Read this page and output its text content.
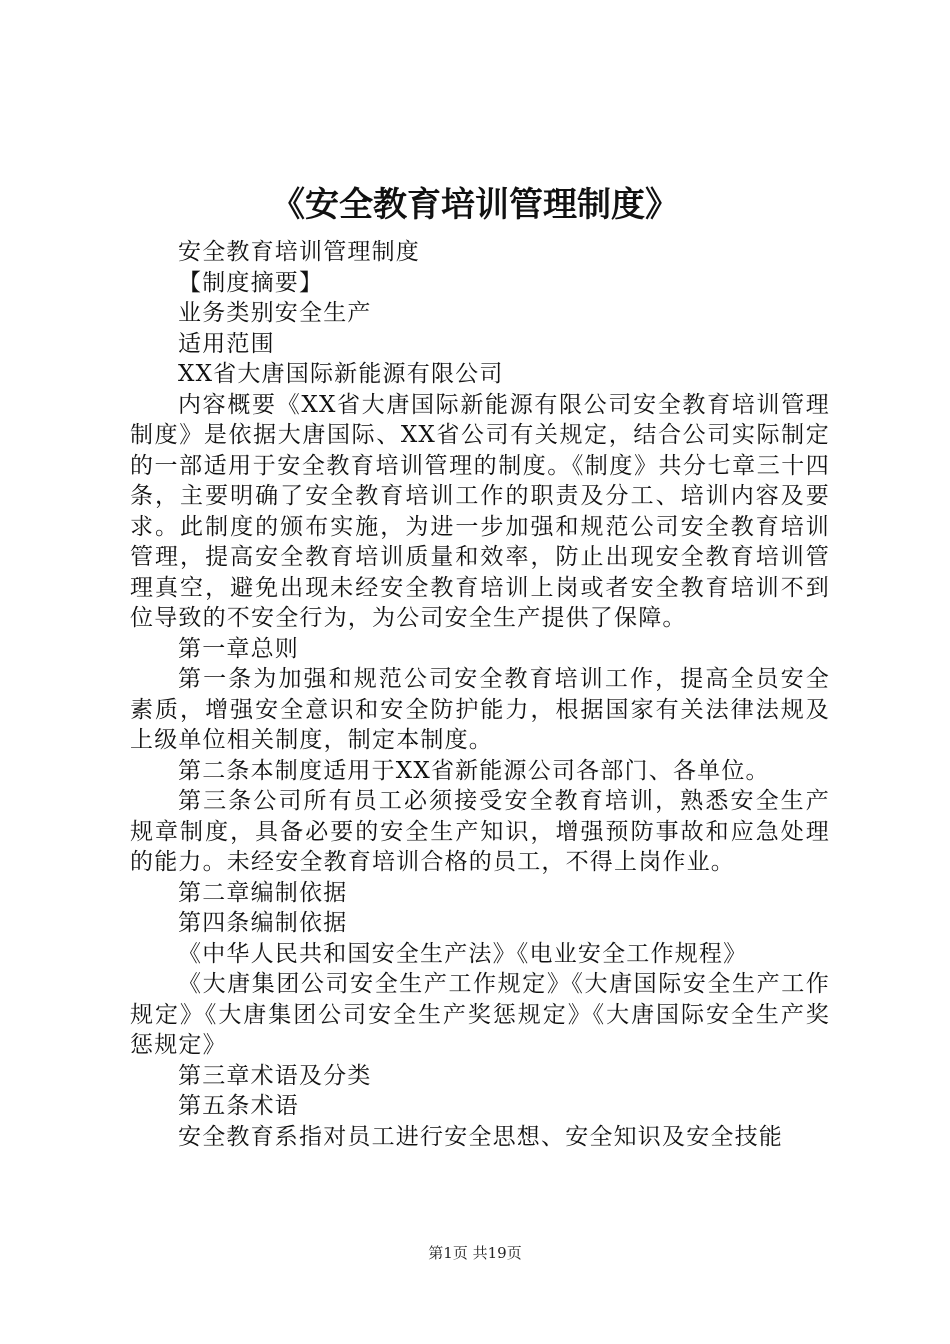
《安全教育培训管理制度》

安全教育培训管理制度

【制度摘要】

业务类别安全生产

适用范围

XX省大唐国际新能源有限公司

内容概要《XX省大唐国际新能源有限公司安全教育培训管理制度》是依据大唐国际、XX省公司有关规定，结合公司实际制定的一部适用于安全教育培训管理的制度。《制度》共分七章三十四条，主要明确了安全教育培训工作的职责及分工、培训内容及要求。此制度的颁布实施，为进一步加强和规范公司安全教育培训管理，提高安全教育培训质量和效率，防止出现安全教育培训管理真空，避免出现未经安全教育培训上岗或者安全教育培训不到位导致的不安全行为，为公司安全生产提供了保障。

第一章总则

第一条为加强和规范公司安全教育培训工作，提高全员安全素质，增强安全意识和安全防护能力，根据国家有关法律法规及上级单位相关制度，制定本制度。

第二条本制度适用于XX省新能源公司各部门、各单位。

第三条公司所有员工必须接受安全教育培训，熟悉安全生产规章制度，具备必要的安全生产知识，增强预防事故和应急处理的能力。未经安全教育培训合格的员工，不得上岗作业。

第二章编制依据

第四条编制依据

《中华人民共和国安全生产法》《电业安全工作规程》

《大唐集团公司安全生产工作规定》《大唐国际安全生产工作规定》《大唐集团公司安全生产奖惩规定》《大唐国际安全生产奖惩规定》

第三章术语及分类

第五条术语

安全教育系指对员工进行安全思想、安全知识及安全技能

第1页 共19页
